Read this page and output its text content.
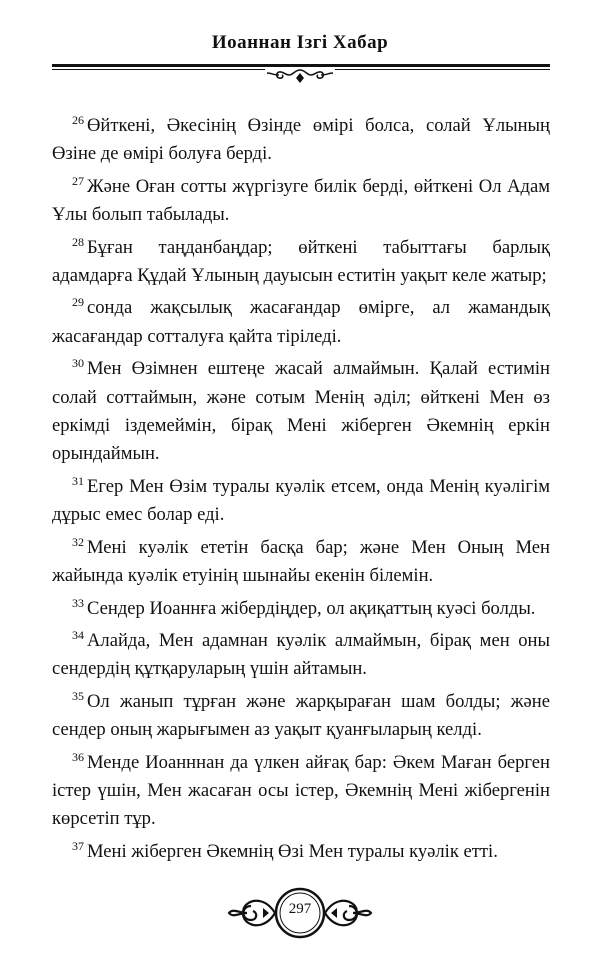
Иоаннан Ізгі Хабар

$^{26}$ Өйткені, Әкесінің Өзінде өмірі болса, солай Ұлының Өзіне де өмірі болуға берді.

$^{27}$ Және Оған сотты жүргізуге билік берді, өйткені Ол Адам Ұлы болып табылады.

$^{28}$ Бұған таңданбаңдар; өйткені табыттағы барлық адамдарға Құдай Ұлының дауысын еститін уақыт келе жатыр;

$^{29}$ сонда жақсылық жасағандар өмірге, ал жамандық жасағандар сотталуға қайта тіріледі.

$^{30}$ Мен Өзімнен ештеңе жасай алмаймын. Қалай естимін солай соттаймын, және сотым Менің әділ; өйткені Мен өз еркімді іздемеймін, бірақ Мені жіберген Әкемнің еркін орындаймын.

$^{31}$ Егер Мен Өзім туралы куәлік етсем, онда Менің куәлігім дұрыс емес болар еді.

$^{32}$ Мені куәлік ететін басқа бар; және Мен Оның Мен жайында куәлік етуінің шынайы екенін білемін.

$^{33}$ Сендер Иоаннға жібердіңдер, ол ақиқаттың куәсі болды.

$^{34}$ Алайда, Мен адамнан куәлік алмаймын, бірақ мен оны сендердің құтқаруларың үшін айтамын.

$^{35}$ Ол жанып тұрған және жарқыраған шам болды; және сендер оның жарығымен аз уақыт қуанғыларың келді.

$^{36}$ Менде Иоанннан да үлкен айғақ бар: Әкем Маған берген істер үшін, Мен жасаған осы істер, Әкемнің Мені жібергенін көрсетіп тұр.

$^{37}$ Мені жіберген Әкемнің Өзі Мен туралы куәлік етті.

297
